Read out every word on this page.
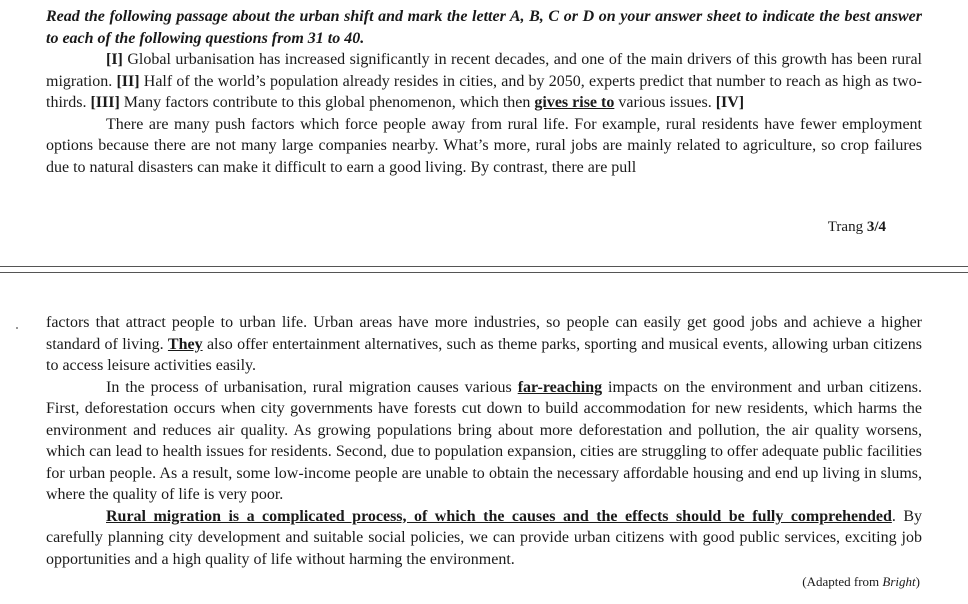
Read the following passage about the urban shift and mark the letter A, B, C or D on your answer sheet to indicate the best answer to each of the following questions from 31 to 40.

[I] Global urbanisation has increased significantly in recent decades, and one of the main drivers of this growth has been rural migration. [II] Half of the world’s population already resides in cities, and by 2050, experts predict that number to reach as high as two-thirds. [III] Many factors contribute to this global phenomenon, which then gives rise to various issues. [IV]

There are many push factors which force people away from rural life. For example, rural residents have fewer employment options because there are not many large companies nearby. What’s more, rural jobs are mainly related to agriculture, so crop failures due to natural disasters can make it difficult to earn a good living. By contrast, there are pull

Trang 3/4

factors that attract people to urban life. Urban areas have more industries, so people can easily get good jobs and achieve a higher standard of living. They also offer entertainment alternatives, such as theme parks, sporting and musical events, allowing urban citizens to access leisure activities easily.

In the process of urbanisation, rural migration causes various far-reaching impacts on the environment and urban citizens. First, deforestation occurs when city governments have forests cut down to build accommodation for new residents, which harms the environment and reduces air quality. As growing populations bring about more deforestation and pollution, the air quality worsens, which can lead to health issues for residents. Second, due to population expansion, cities are struggling to offer adequate public facilities for urban people. As a result, some low-income people are unable to obtain the necessary affordable housing and end up living in slums, where the quality of life is very poor.

Rural migration is a complicated process, of which the causes and the effects should be fully comprehended. By carefully planning city development and suitable social policies, we can provide urban citizens with good public services, exciting job opportunities and a high quality of life without harming the environment.

(Adapted from Bright)
